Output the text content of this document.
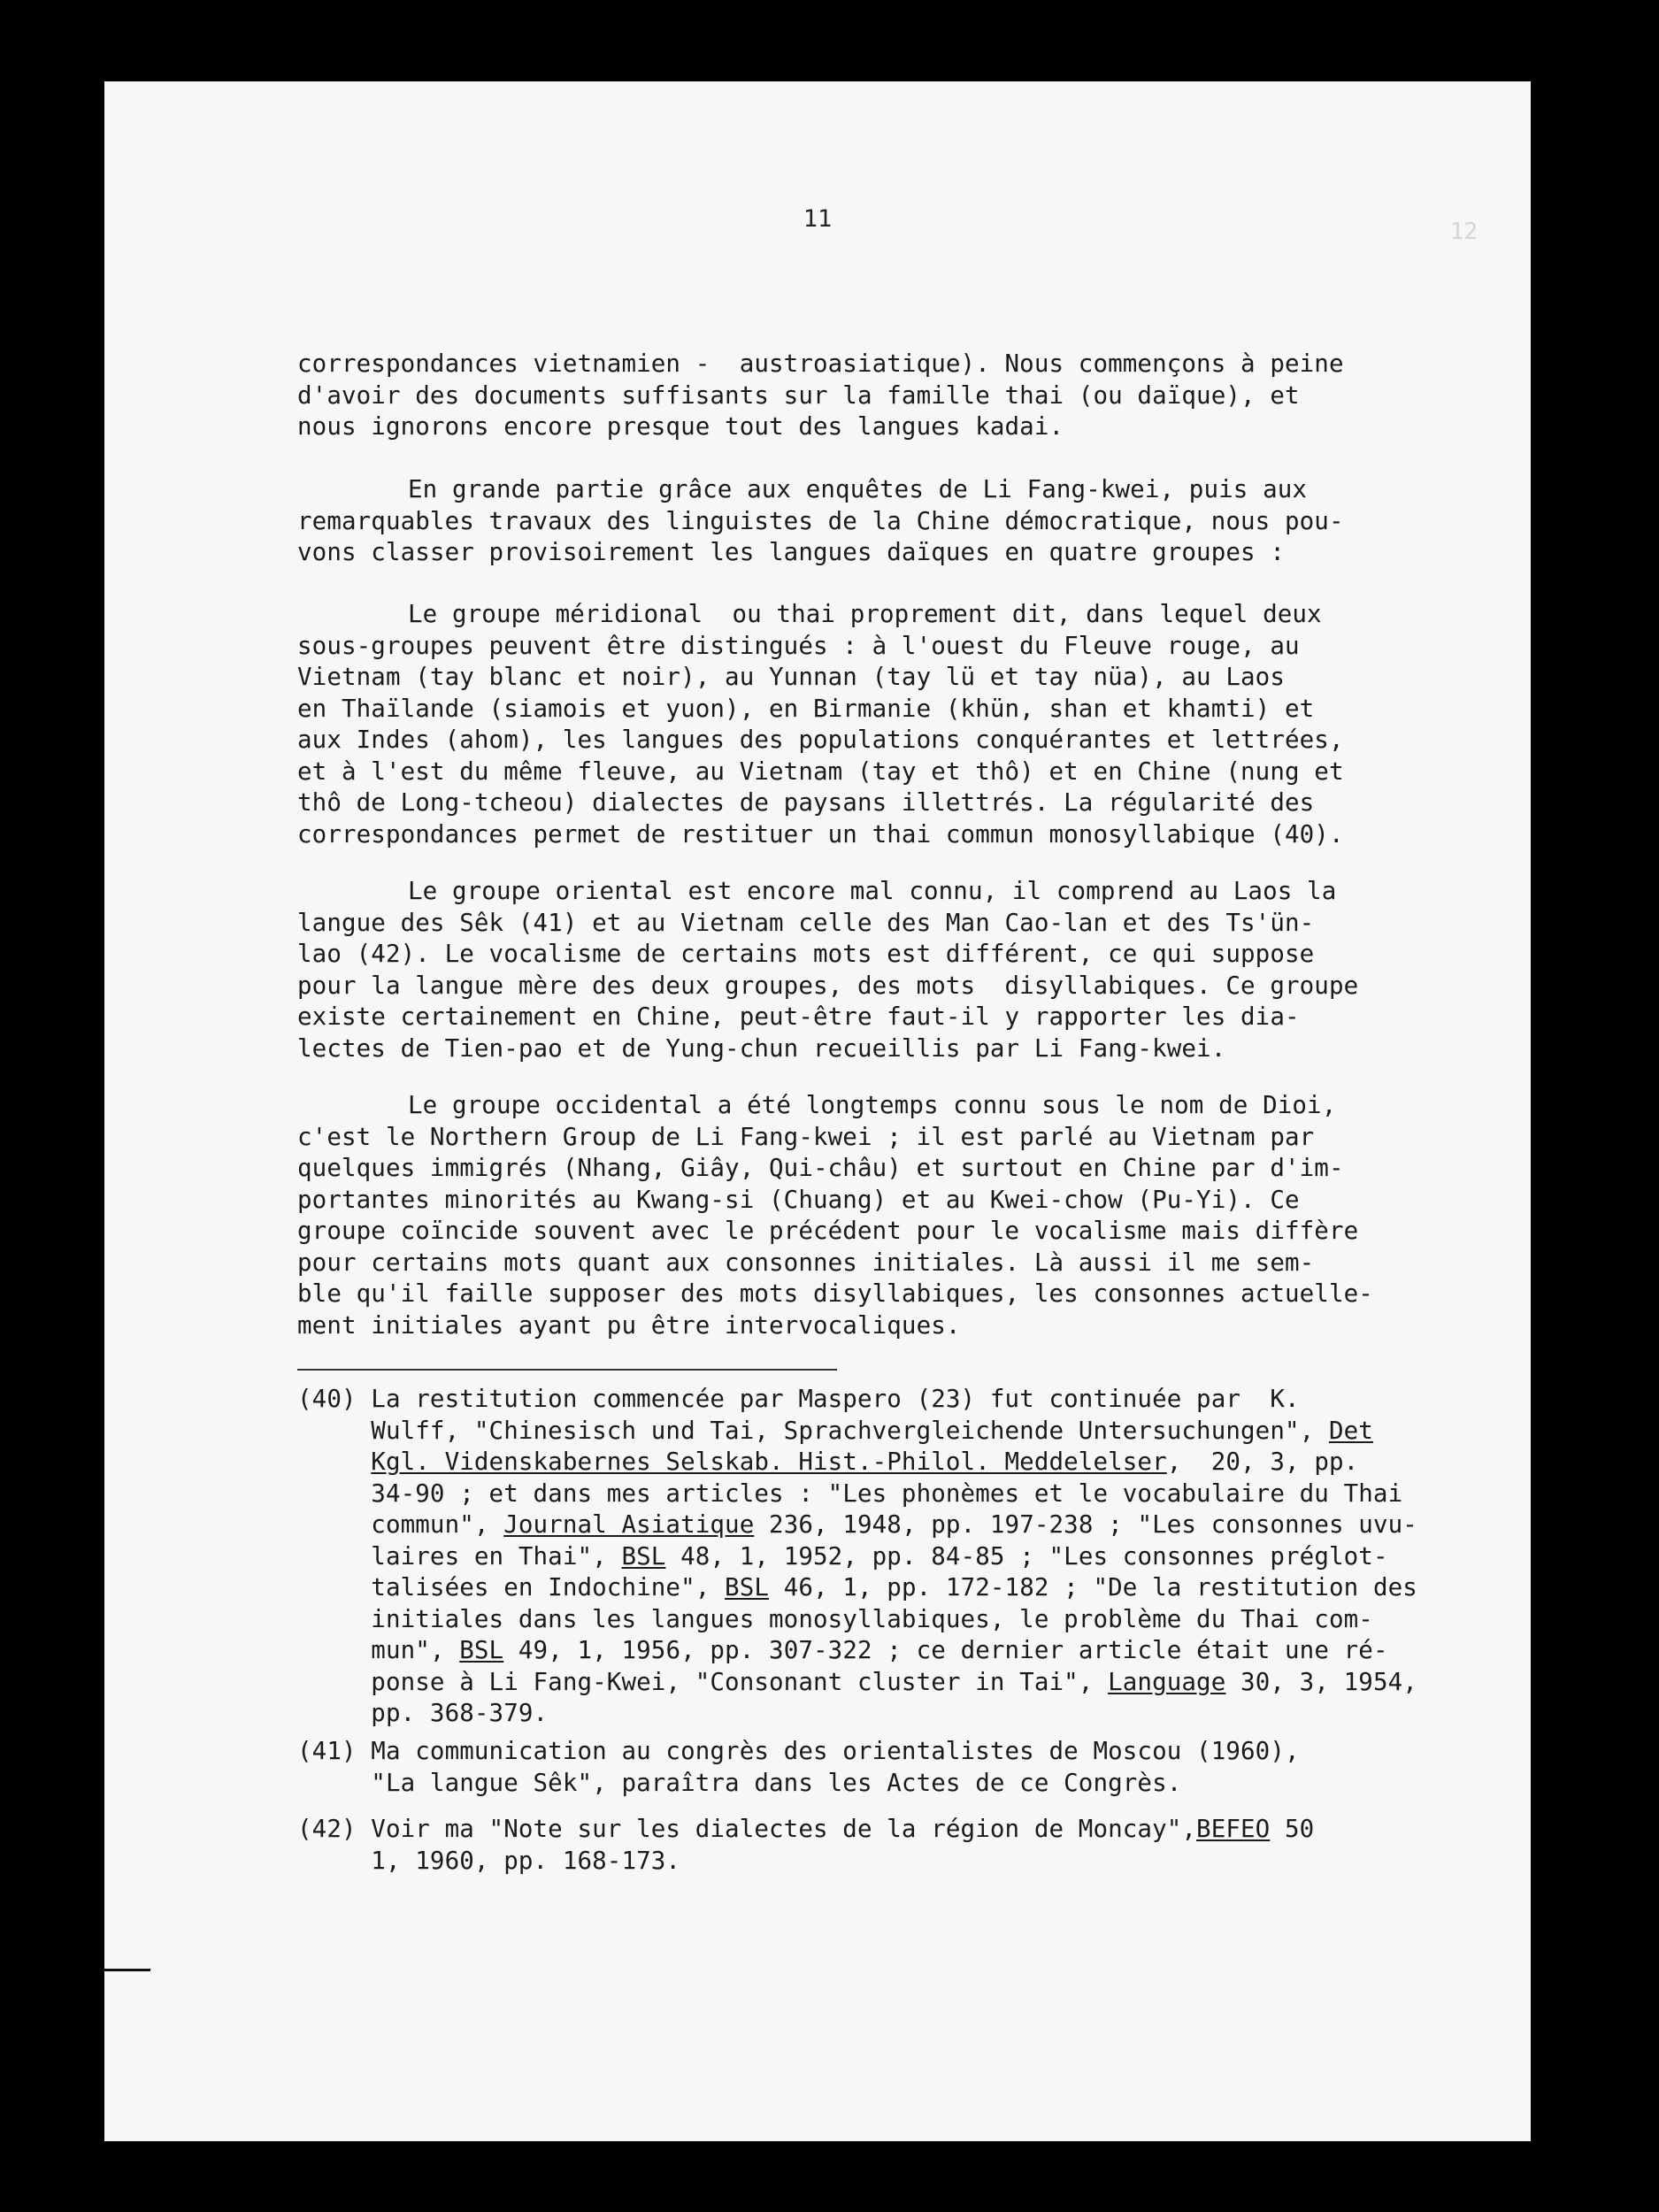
12
11
correspondances vietnamien -  austroasiatique). Nous commençons à peine
d'avoir des documents suffisants sur la famille thai (ou daïque), et
nous ignorons encore presque tout des langues kadai.
En grande partie grâce aux enquêtes de Li Fang-kwei, puis aux
remarquables travaux des linguistes de la Chine démocratique, nous pou-
vons classer provisoirement les langues daïques en quatre groupes :
Le groupe méridional  ou thai proprement dit, dans lequel deux
sous-groupes peuvent être distingués : à l'ouest du Fleuve rouge, au
Vietnam (tay blanc et noir), au Yunnan (tay lü et tay nüa), au Laos
en Thaïlande (siamois et yuon), en Birmanie (khün, shan et khamti) et
aux Indes (ahom), les langues des populations conquérantes et lettrées,
et à l'est du même fleuve, au Vietnam (tay et thô) et en Chine (nung et
thô de Long-tcheou) dialectes de paysans illettrés. La régularité des
correspondances permet de restituer un thai commun monosyllabique (40).
Le groupe oriental est encore mal connu, il comprend au Laos la
langue des Sêk (41) et au Vietnam celle des Man Cao-lan et des Ts'ün-
lao (42). Le vocalisme de certains mots est différent, ce qui suppose
pour la langue mère des deux groupes, des mots  disyllabiques. Ce groupe
existe certainement en Chine, peut-être faut-il y rapporter les dia-
lectes de Tien-pao et de Yung-chun recueillis par Li Fang-kwei.
Le groupe occidental a été longtemps connu sous le nom de Dioi,
c'est le Northern Group de Li Fang-kwei ; il est parlé au Vietnam par
quelques immigrés (Nhang, Giây, Qui-châu) et surtout en Chine par d'im-
portantes minorités au Kwang-si (Chuang) et au Kwei-chow (Pu-Yi). Ce
groupe coïncide souvent avec le précédent pour le vocalisme mais diffère
pour certains mots quant aux consonnes initiales. Là aussi il me sem-
ble qu'il faille supposer des mots disyllabiques, les consonnes actuelle-
ment initiales ayant pu être intervocaliques.
(40) La restitution commencée par Maspero (23) fut continuée par  K.
Wulff, "Chinesisch und Tai, Sprachvergleichende Untersuchungen", Det
Kgl. Videnskabernes Selskab. Hist.-Philol. Meddelelser,  20, 3, pp.
34-90 ; et dans mes articles : "Les phonèmes et le vocabulaire du Thai
commun", Journal Asiatique 236, 1948, pp. 197-238 ; "Les consonnes uvu-
laires en Thai", BSL 48, 1, 1952, pp. 84-85 ; "Les consonnes préglot-
talisées en Indochine", BSL 46, 1, pp. 172-182 ; "De la restitution des
initiales dans les langues monosyllabiques, le problème du Thai com-
mun", BSL 49, 1, 1956, pp. 307-322 ; ce dernier article était une ré-
ponse à Li Fang-Kwei, "Consonant cluster in Tai", Language 30, 3, 1954,
pp. 368-379.
(41) Ma communication au congrès des orientalistes de Moscou (1960),
"La langue Sêk", paraîtra dans les Actes de ce Congrès.
(42) Voir ma "Note sur les dialectes de la région de Moncay",BEFEO 50
1, 1960, pp. 168-173.
